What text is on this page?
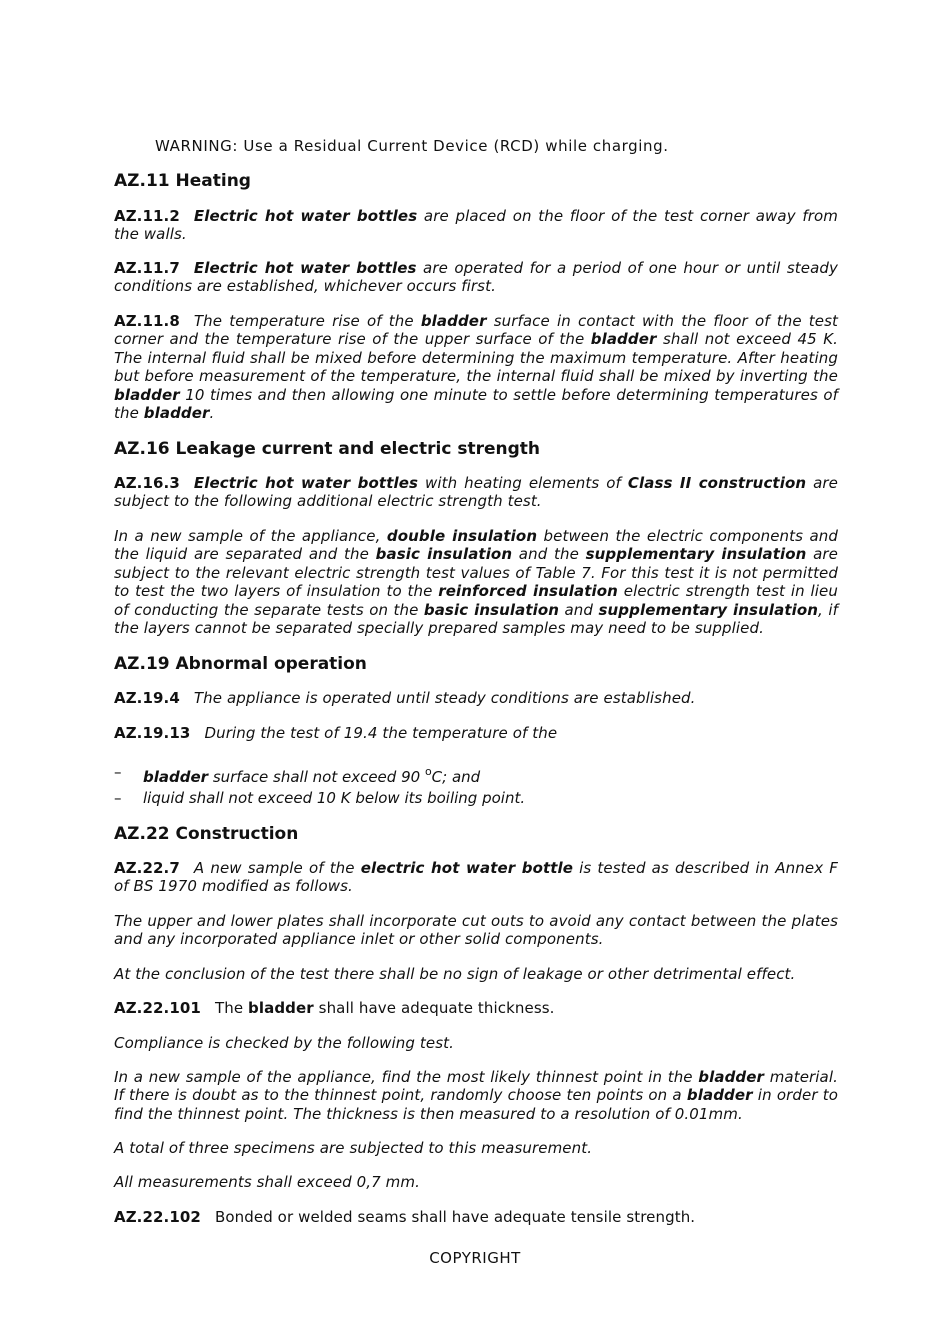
WARNING: Use a Residual Current Device (RCD) while charging.

AZ.11 Heating

AZ.11.2 Electric hot water bottles are placed on the floor of the test corner away from the walls.

AZ.11.7 Electric hot water bottles are operated for a period of one hour or until steady conditions are established, whichever occurs first.

AZ.11.8 The temperature rise of the bladder surface in contact with the floor of the test corner and the temperature rise of the upper surface of the bladder shall not exceed 45 K. The internal fluid shall be mixed before determining the maximum temperature. After heating but before measurement of the temperature, the internal fluid shall be mixed by inverting the bladder 10 times and then allowing one minute to settle before determining temperatures of the bladder.

AZ.16 Leakage current and electric strength

AZ.16.3 Electric hot water bottles with heating elements of Class II construction are subject to the following additional electric strength test.

In a new sample of the appliance, double insulation between the electric components and the liquid are separated and the basic insulation and the supplementary insulation are subject to the relevant electric strength test values of Table 7. For this test it is not permitted to test the two layers of insulation to the reinforced insulation electric strength test in lieu of conducting the separate tests on the basic insulation and supplementary insulation, if the layers cannot be separated specially prepared samples may need to be supplied.

AZ.19 Abnormal operation

AZ.19.4 The appliance is operated until steady conditions are established.

AZ.19.13 During the test of 19.4 the temperature of the

–	bladder surface shall not exceed 90 $^o$C; and
–	liquid shall not exceed 10 K below its boiling point.

AZ.22 Construction

AZ.22.7 A new sample of the electric hot water bottle is tested as described in Annex F of BS 1970 modified as follows.

The upper and lower plates shall incorporate cut outs to avoid any contact between the plates and any incorporated appliance inlet or other solid components.

At the conclusion of the test there shall be no sign of leakage or other detrimental effect.

AZ.22.101 The bladder shall have adequate thickness.

Compliance is checked by the following test.

In a new sample of the appliance, find the most likely thinnest point in the bladder material. If there is doubt as to the thinnest point, randomly choose ten points on a bladder in order to find the thinnest point. The thickness is then measured to a resolution of 0.01mm.

A total of three specimens are subjected to this measurement.

All measurements shall exceed 0,7 mm.

AZ.22.102 Bonded or welded seams shall have adequate tensile strength.

COPYRIGHT
